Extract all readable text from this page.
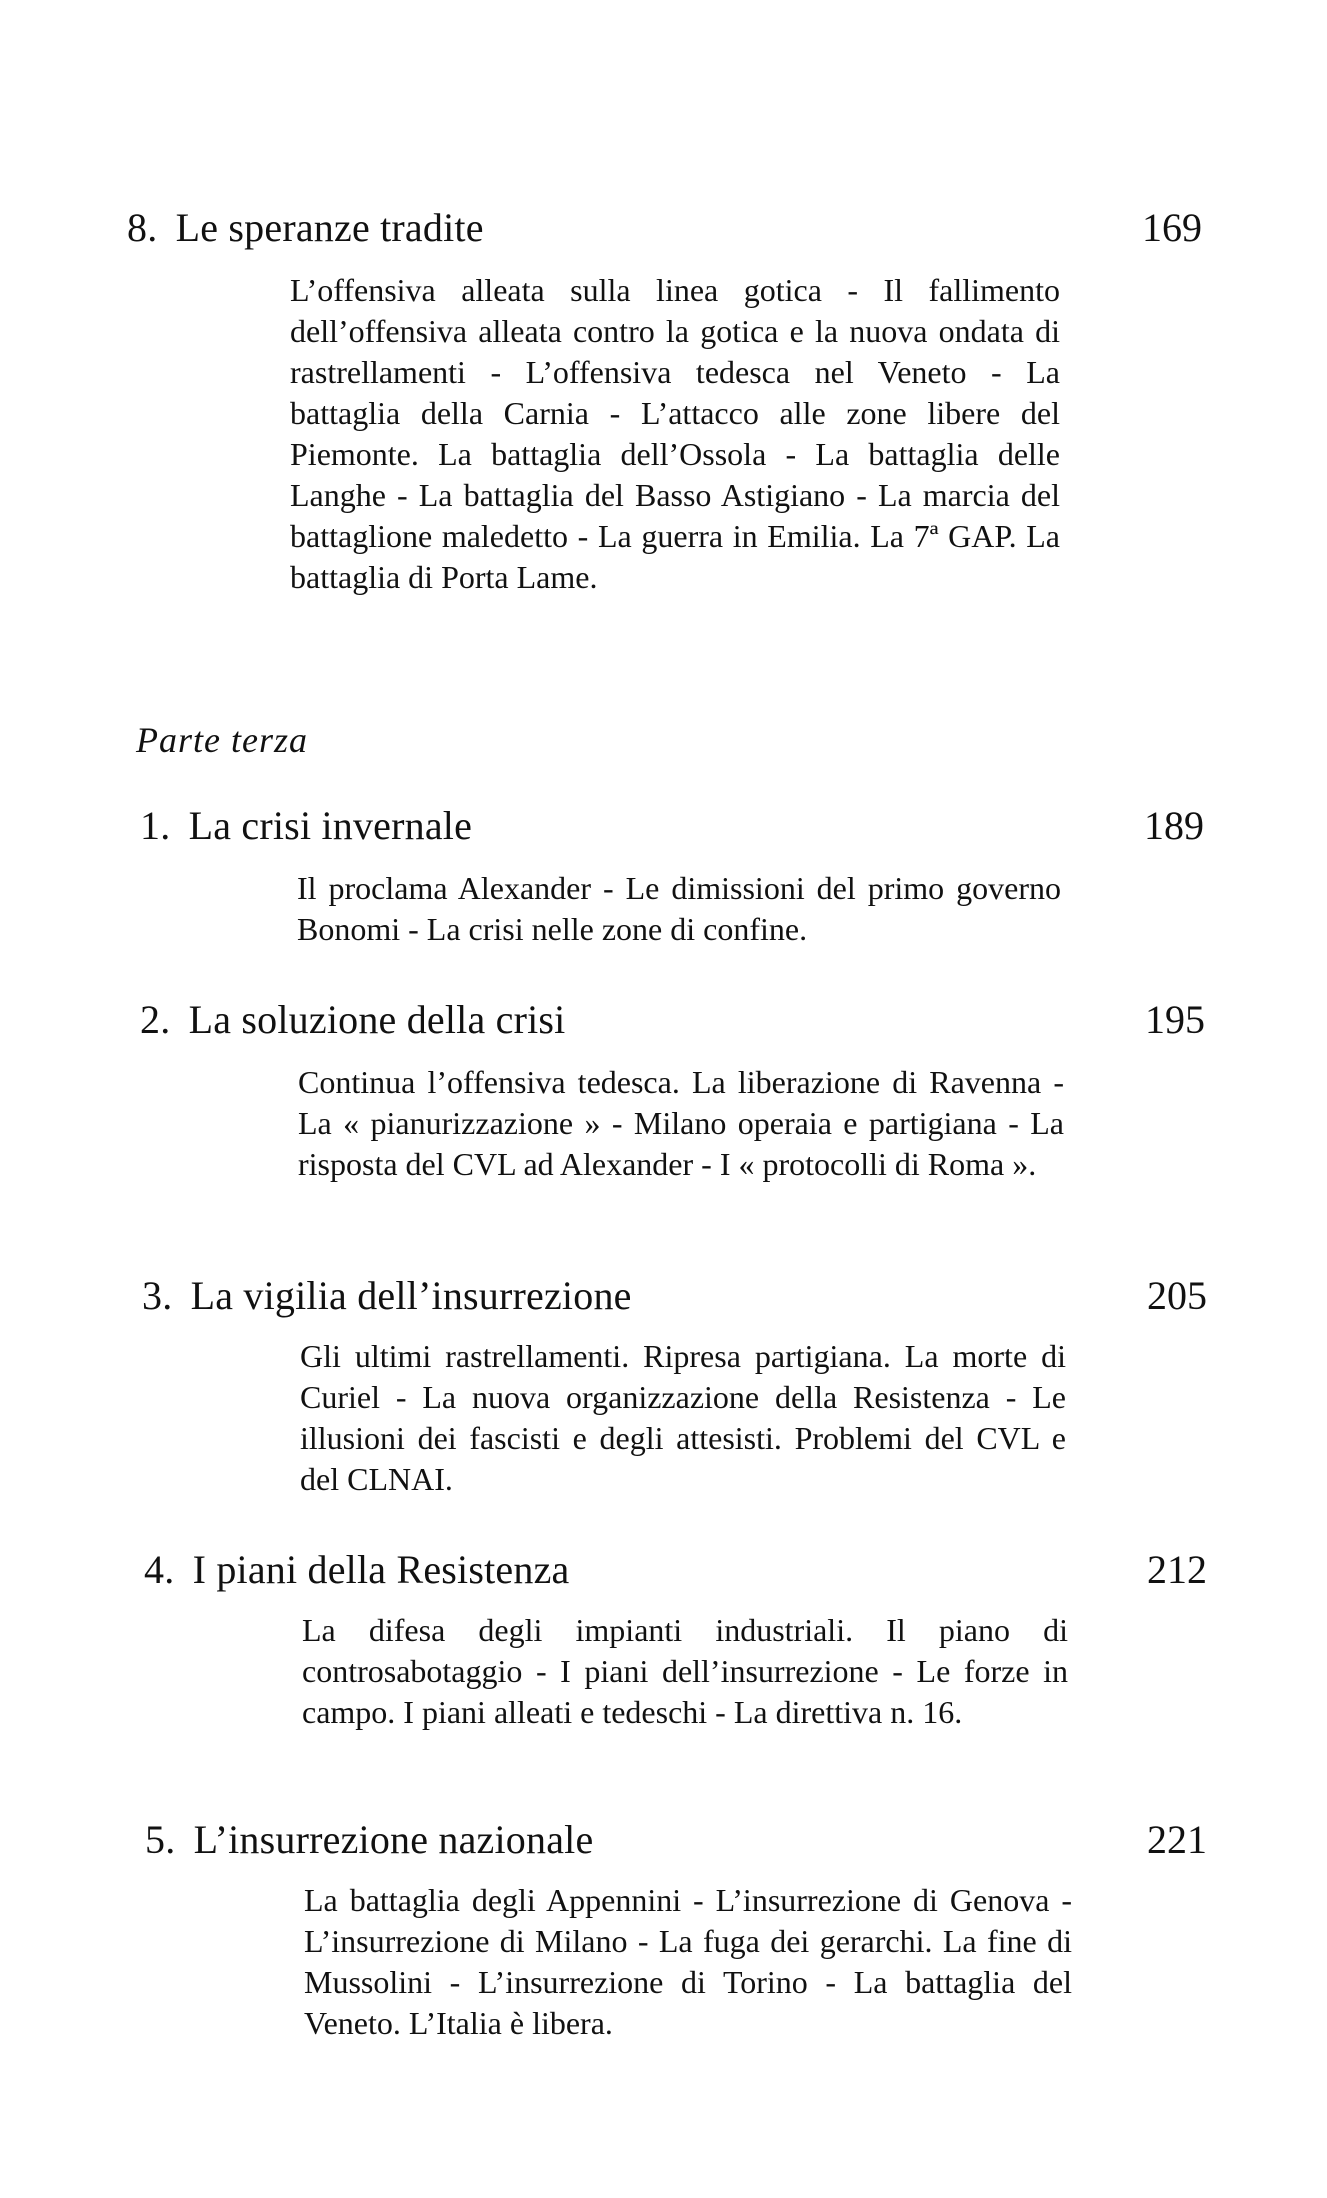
8. Le speranze tradite	169
L’offensiva alleata sulla linea gotica - Il fallimento dell’offensiva alleata contro la gotica e la nuova ondata di rastrellamenti - L’offensiva tedesca nel Veneto - La battaglia della Carnia - L’attacco alle zone libere del Piemonte. La battaglia dell’Ossola - La battaglia delle Langhe - La battaglia del Basso Astigiano - La marcia del battaglione maledetto - La guerra in Emilia. La 7ª GAP. La battaglia di Porta Lame.
Parte terza
1. La crisi invernale	189
Il proclama Alexander - Le dimissioni del primo governo Bonomi - La crisi nelle zone di confine.
2. La soluzione della crisi	195
Continua l’offensiva tedesca. La liberazione di Ravenna - La « pianurizzazione » - Milano operaia e partigiana - La risposta del CVL ad Alexander - I « protocolli di Roma ».
3. La vigilia dell’insurrezione	205
Gli ultimi rastrellamenti. Ripresa partigiana. La morte di Curiel - La nuova organizzazione della Resistenza - Le illusioni dei fascisti e degli attesisti. Problemi del CVL e del CLNAI.
4. I piani della Resistenza	212
La difesa degli impianti industriali. Il piano di controsabotaggio - I piani dell’insurrezione - Le forze in campo. I piani alleati e tedeschi - La direttiva n. 16.
5. L’insurrezione nazionale	221
La battaglia degli Appennini - L’insurrezione di Genova - L’insurrezione di Milano - La fuga dei gerarchi. La fine di Mussolini - L’insurrezione di Torino - La battaglia del Veneto. L’Italia è libera.
